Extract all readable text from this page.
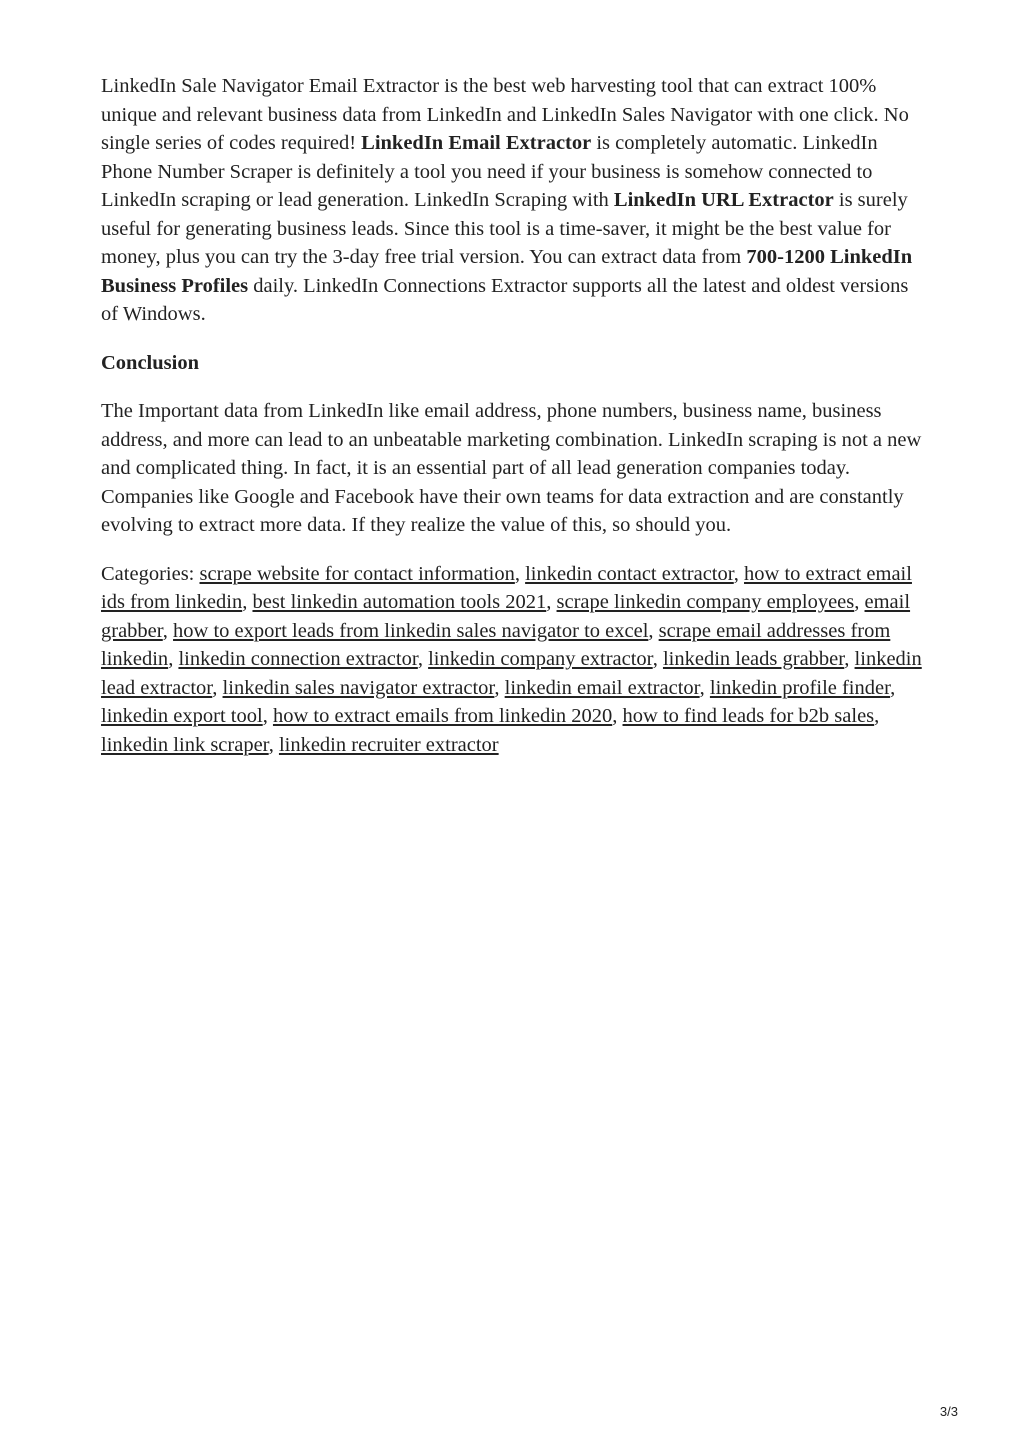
LinkedIn Sale Navigator Email Extractor is the best web harvesting tool that can extract 100% unique and relevant business data from LinkedIn and LinkedIn Sales Navigator with one click. No single series of codes required! LinkedIn Email Extractor is completely automatic. LinkedIn Phone Number Scraper is definitely a tool you need if your business is somehow connected to LinkedIn scraping or lead generation. LinkedIn Scraping with LinkedIn URL Extractor is surely useful for generating business leads. Since this tool is a time-saver, it might be the best value for money, plus you can try the 3-day free trial version. You can extract data from 700-1200 LinkedIn Business Profiles daily. LinkedIn Connections Extractor supports all the latest and oldest versions of Windows.

Conclusion

The Important data from LinkedIn like email address, phone numbers, business name, business address, and more can lead to an unbeatable marketing combination. LinkedIn scraping is not a new and complicated thing. In fact, it is an essential part of all lead generation companies today. Companies like Google and Facebook have their own teams for data extraction and are constantly evolving to extract more data. If they realize the value of this, so should you.

Categories: scrape website for contact information, linkedin contact extractor, how to extract email ids from linkedin, best linkedin automation tools 2021, scrape linkedin company employees, email grabber, how to export leads from linkedin sales navigator to excel, scrape email addresses from linkedin, linkedin connection extractor, linkedin company extractor, linkedin leads grabber, linkedin lead extractor, linkedin sales navigator extractor, linkedin email extractor, linkedin profile finder, linkedin export tool, how to extract emails from linkedin 2020, how to find leads for b2b sales, linkedin link scraper, linkedin recruiter extractor

3/3
